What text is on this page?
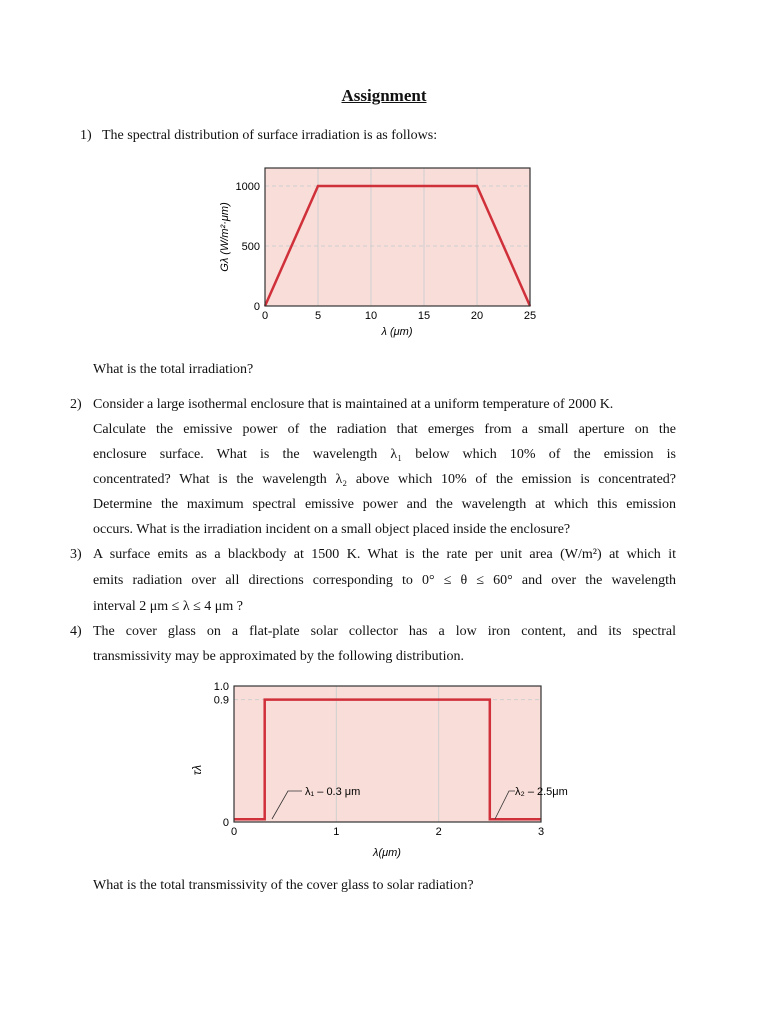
Assignment
1) The spectral distribution of surface irradiation is as follows:
0	5	10	15	20	25
0
500
1000
λ (μm)
Gλ (W/m²·μm)
What is the total irradiation?
2) Consider a large isothermal enclosure that is maintained at a uniform temperature of 2000 K.
Calculate the emissive power of the radiation that emerges from a small aperture on the
enclosure surface. What is the wavelength λ₁ below which 10% of the emission is
concentrated? What is the wavelength λ₂ above which 10% of the emission is concentrated?
Determine the maximum spectral emissive power and the wavelength at which this emission
occurs. What is the irradiation incident on a small object placed inside the enclosure?
3) A surface emits as a blackbody at 1500 K. What is the rate per unit area (W/m²) at which it
emits radiation over all directions corresponding to 0° ≤ θ ≤ 60° and over the wavelength
interval 2 μm ≤ λ ≤ 4 μm ?
4) The cover glass on a flat-plate solar collector has a low iron content, and its spectral
transmissivity may be approximated by the following distribution.
0	1	2	3
0
0.9
1.0
λ₁ – 0.3 μm	λ₂ – 2.5μm
λ(μm)
τλ
What is the total transmissivity of the cover glass to solar radiation?
